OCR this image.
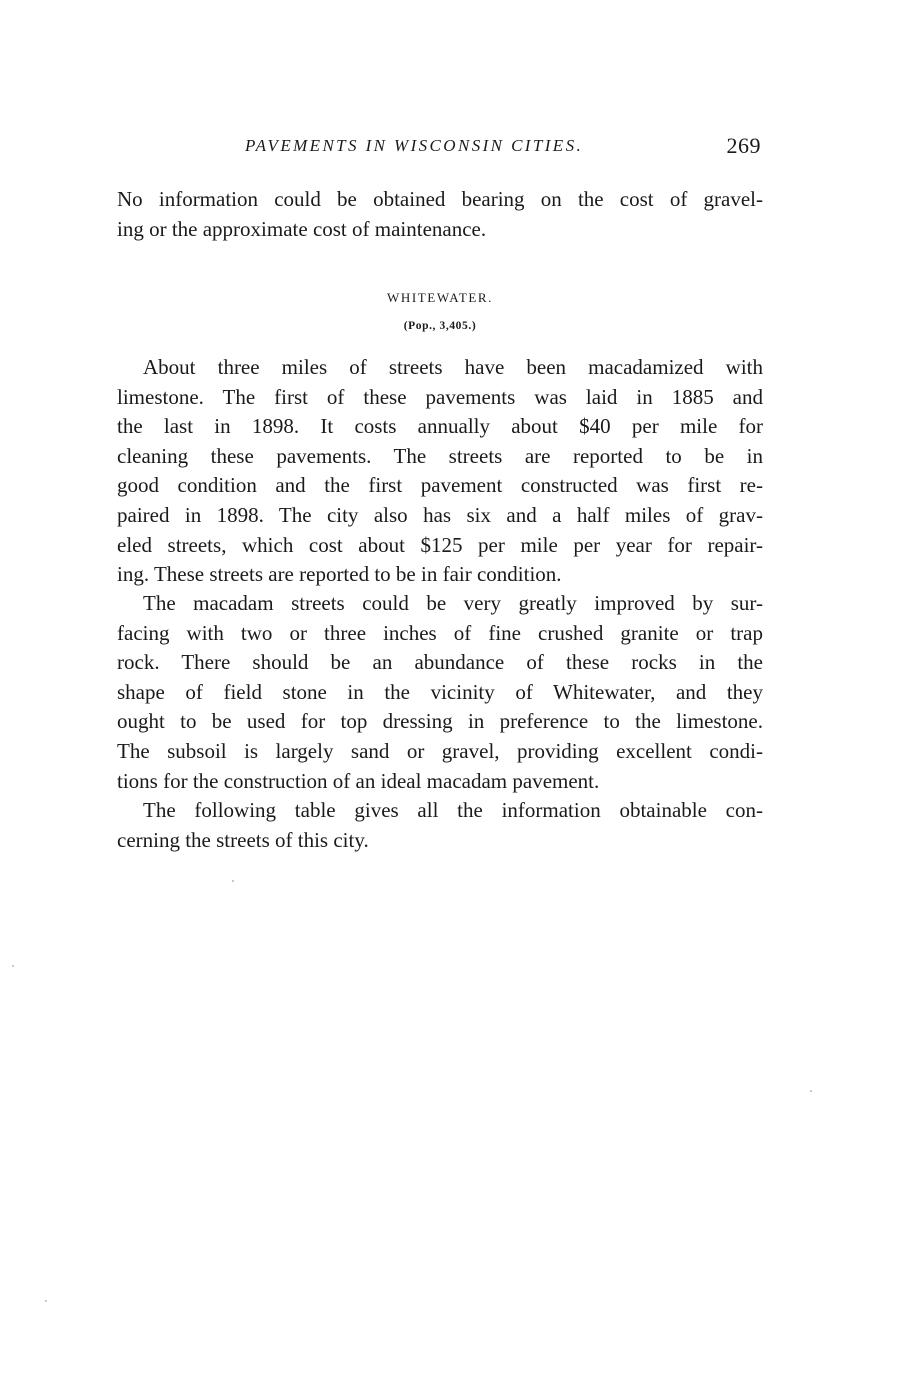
PAVEMENTS IN WISCONSIN CITIES.	269

No information could be obtained bearing on the cost of gravel-
ing or the approximate cost of maintenance.

WHITEWATER.
(Pop., 3,405.)

About three miles of streets have been macadamized with
limestone. The first of these pavements was laid in 1885 and
the last in 1898. It costs annually about $40 per mile for
cleaning these pavements. The streets are reported to be in
good condition and the first pavement constructed was first re-
paired in 1898. The city also has six and a half miles of grav-
eled streets, which cost about $125 per mile per year for repair-
ing. These streets are reported to be in fair condition.

The macadam streets could be very greatly improved by sur-
facing with two or three inches of fine crushed granite or trap
rock. There should be an abundance of these rocks in the
shape of field stone in the vicinity of Whitewater, and they
ought to be used for top dressing in preference to the limestone.
The subsoil is largely sand or gravel, providing excellent condi-
tions for the construction of an ideal macadam pavement.

The following table gives all the information obtainable con-
cerning the streets of this city.
